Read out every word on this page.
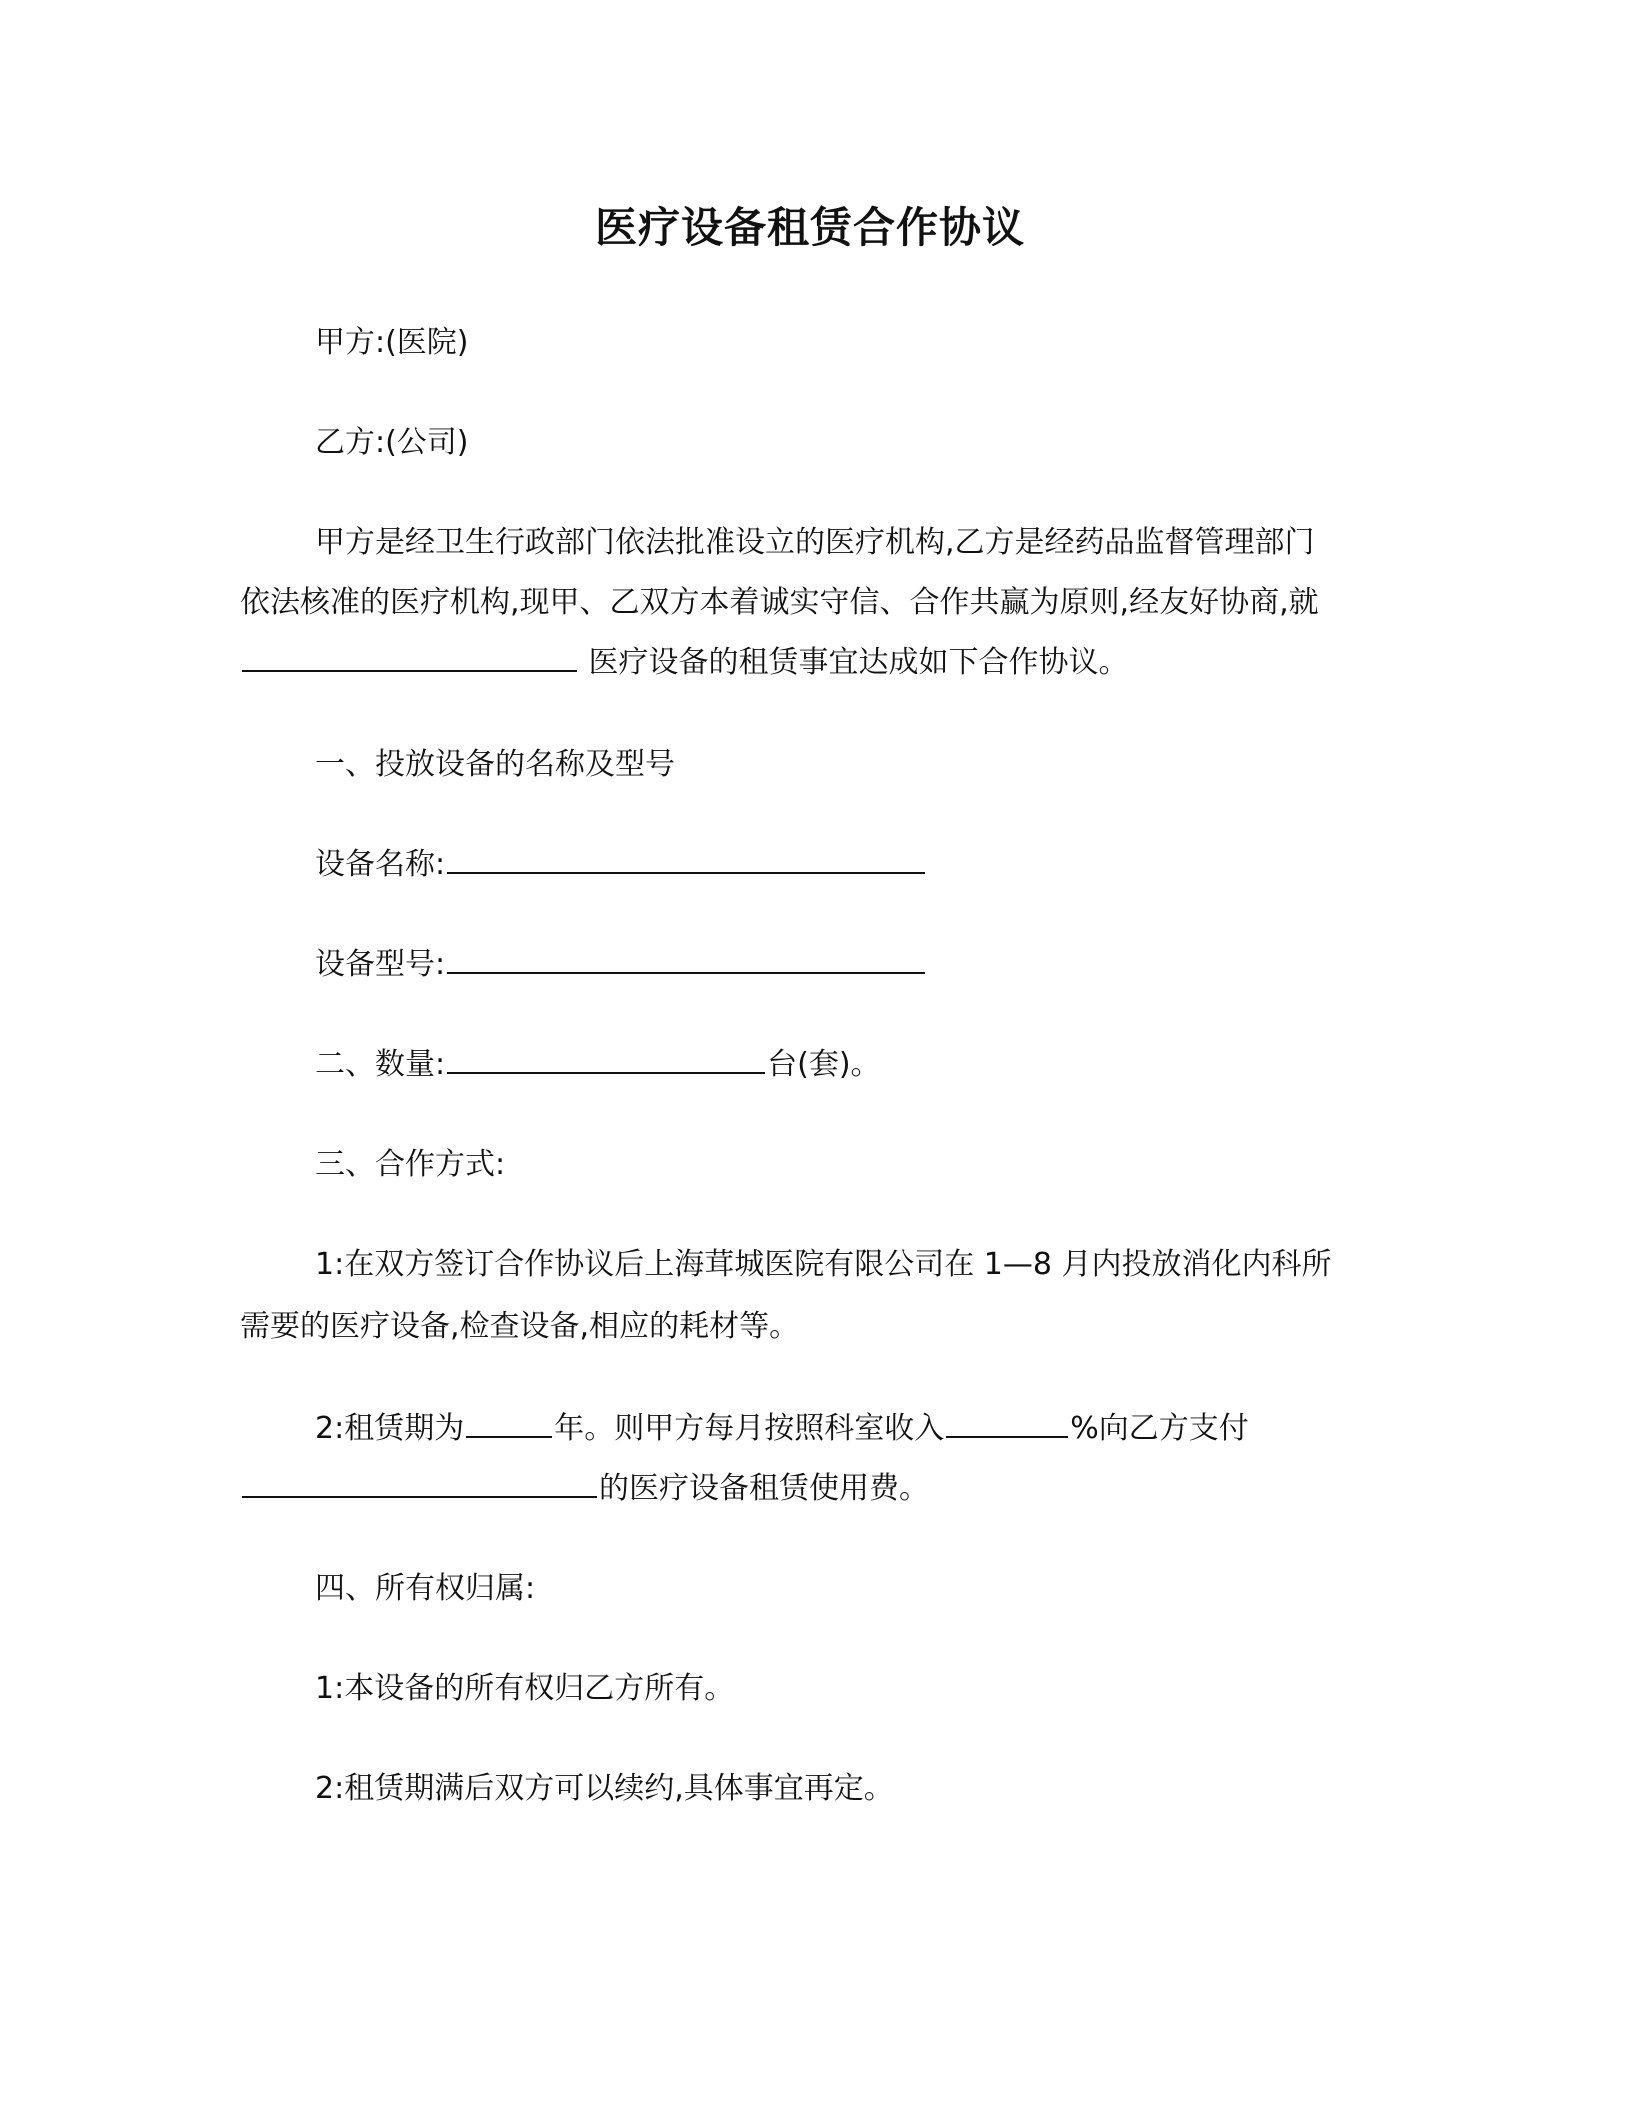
医疗设备租赁合作协议
甲方:(医院)
乙方:(公司)
甲方是经卫生行政部门依法批准设立的医疗机构,乙方是经药品监督管理部门
依法核准的医疗机构,现甲、乙双方本着诚实守信、合作共赢为原则,经友好协商,就
医疗设备的租赁事宜达成如下合作协议。
一、投放设备的名称及型号
设备名称:
设备型号:
二、数量:	台(套)。
三、合作方式:
1:在双方签订合作协议后上海茸城医院有限公司在 1—8 月内投放消化内科所
需要的医疗设备,检查设备,相应的耗材等。
2:租赁期为	年。则甲方每月按照科室收入	%向乙方支付
的医疗设备租赁使用费。
四、所有权归属:
1:本设备的所有权归乙方所有。
2:租赁期满后双方可以续约,具体事宜再定。
